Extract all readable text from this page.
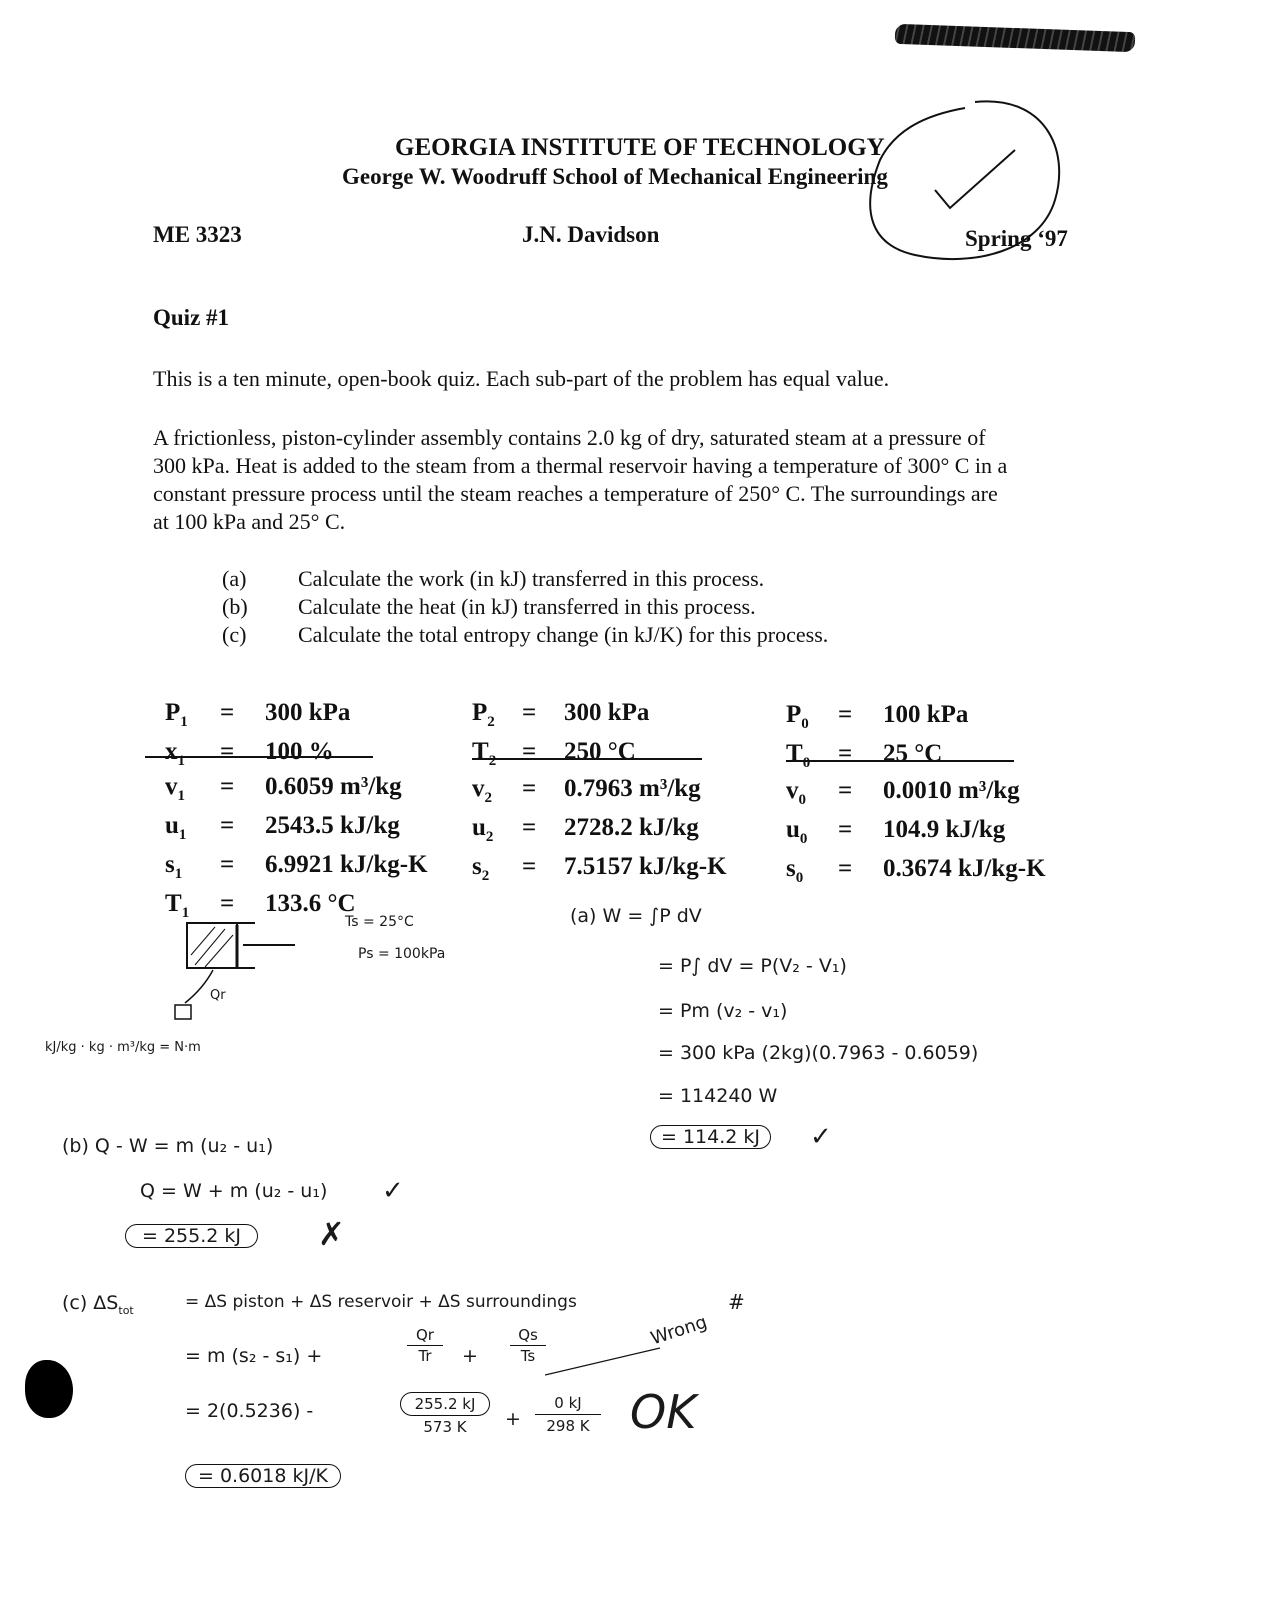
GEORGIA INSTITUTE OF TECHNOLOGY
George W. Woodruff School of Mechanical Engineering
ME 3323	J.N. Davidson	Spring ‘97
Quiz #1
This is a ten minute, open-book quiz. Each sub-part of the problem has equal value.
A frictionless, piston-cylinder assembly contains 2.0 kg of dry, saturated steam at a pressure of
300 kPa. Heat is added to the steam from a thermal reservoir having a temperature of 300° C in a
constant pressure process until the steam reaches a temperature of 250° C. The surroundings are
at 100 kPa and 25° C.
(a)	Calculate the work (in kJ) transferred in this process.
(b)	Calculate the heat (in kJ) transferred in this process.
(c)	Calculate the total entropy change (in kJ/K) for this process.
$P_1 = 300$ kPa
$x_1 = 100$ %
$v_1 = 0.6059$ m³/kg
$u_1 = 2543.5$ kJ/kg
$s_1 = 6.9921$ kJ/kg-K
$T_1 = 133.6$ °C
$P_2 = 300$ kPa
$T_2 = 250$ °C
$v_2 = 0.7963$ m³/kg
$u_2 = 2728.2$ kJ/kg
$s_2 = 7.5157$ kJ/kg-K
$P_0 = 100$ kPa
$T_0 = 25$ °C
$v_0 = 0.0010$ m³/kg
$u_0 = 104.9$ kJ/kg
$s_0 = 0.3674$ kJ/kg-K
Ts = 25°C
Ps = 100kPa
Qr
kJ/kg · kg · m³/kg = N·m
(a) W = ∫P dV
= P∫ dV = P(V₂ - V₁)
= Pm (v₂ - v₁)
= 300 kPa (2kg)(0.7963 - 0.6059)
= 114240 W
= 114.2 kJ	✓
(b) Q - W = m (u₂ - u₁)
Q = W + m (u₂ - u₁) ✓
= 255.2 kJ	✗
(c) $\Delta S_{tot}$	= ΔS piston + ΔS reservoir + ΔS surroundings
= m (s₂ - s₁) +
Qr
Tr	+
Qs
Ts
Wrong
#
= 2(0.5236) -	255.2 kJ
573 K	+
0 kJ
298 K OK
= 0.6018 kJ/K
